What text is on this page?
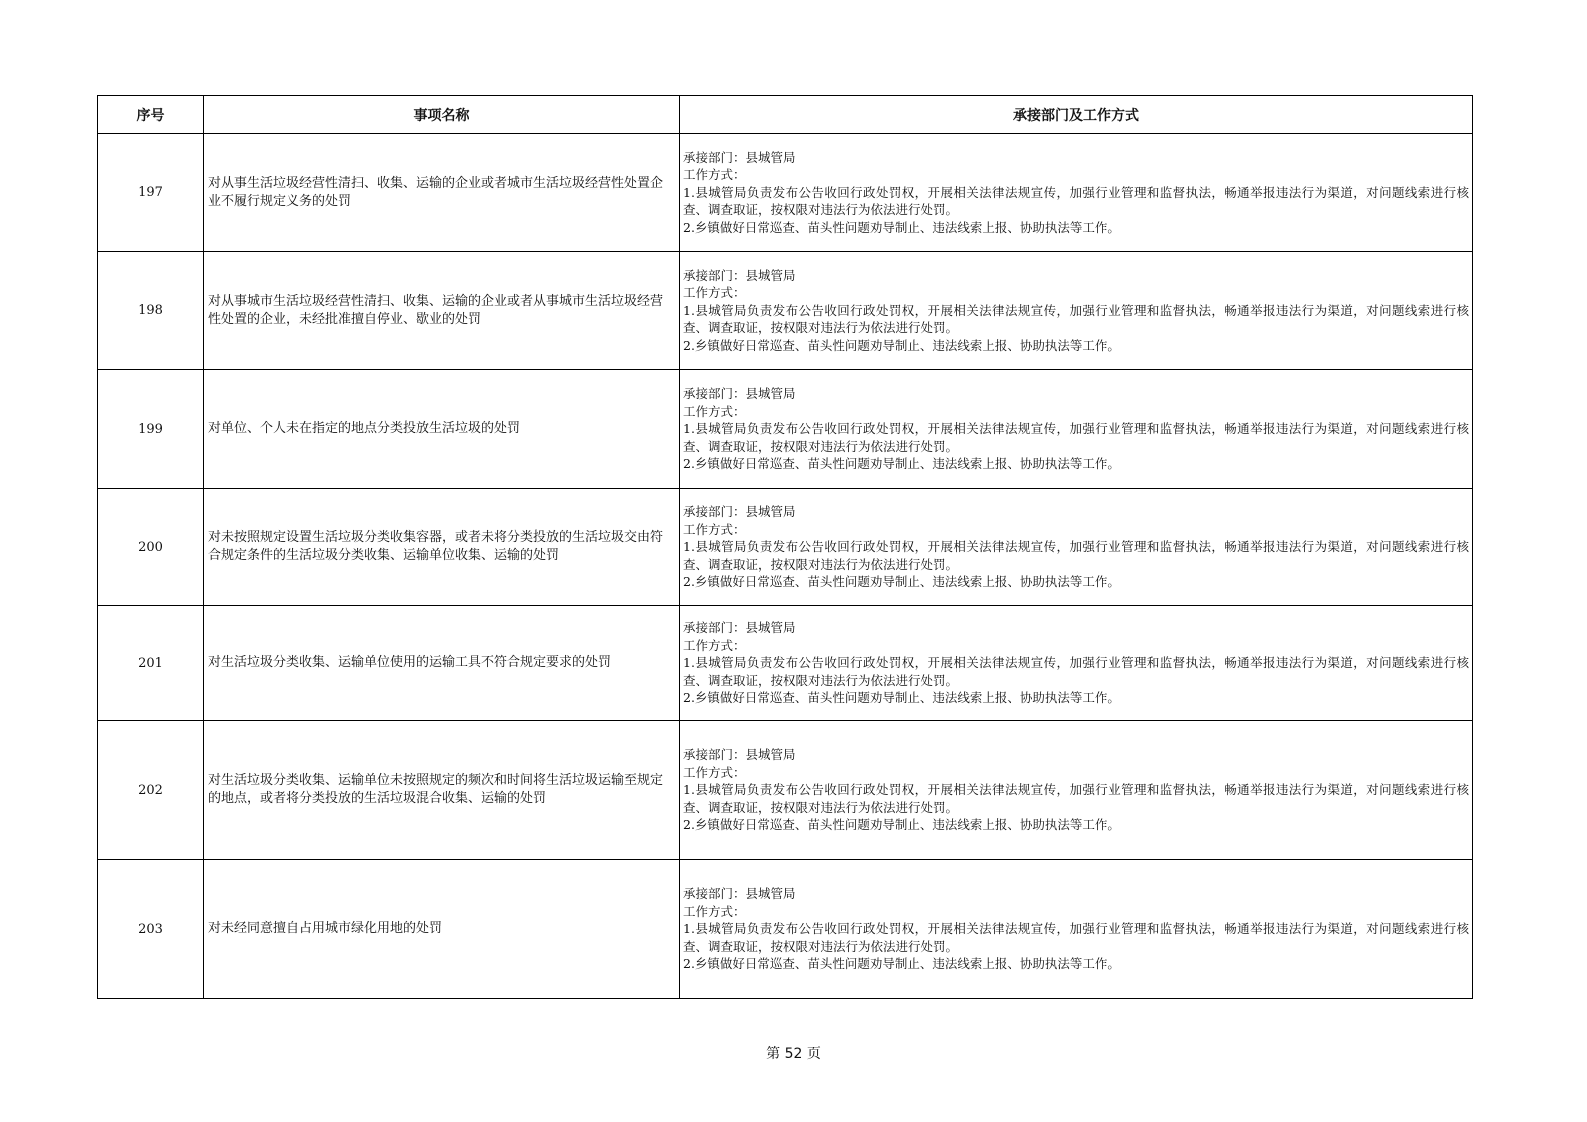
序号	事项名称	承接部门及工作方式
197	对从事生活垃圾经营性清扫、收集、运输的企业或者城市生活垃圾经营性处置企业不履行规定义务的处罚	承接部门：县城管局
工作方式：
1.县城管局负责发布公告收回行政处罚权，开展相关法律法规宣传，加强行业管理和监督执法，畅通举报违法行为渠道，对问题线索进行核查、调查取证，按权限对违法行为依法进行处罚。
2.乡镇做好日常巡查、苗头性问题劝导制止、违法线索上报、协助执法等工作。

198	对从事城市生活垃圾经营性清扫、收集、运输的企业或者从事城市生活垃圾经营性处置的企业，未经批准擅自停业、歇业的处罚	承接部门：县城管局
工作方式：
1.县城管局负责发布公告收回行政处罚权，开展相关法律法规宣传，加强行业管理和监督执法，畅通举报违法行为渠道，对问题线索进行核查、调查取证，按权限对违法行为依法进行处罚。
2.乡镇做好日常巡查、苗头性问题劝导制止、违法线索上报、协助执法等工作。

199	对单位、个人未在指定的地点分类投放生活垃圾的处罚	承接部门：县城管局
工作方式：
1.县城管局负责发布公告收回行政处罚权，开展相关法律法规宣传，加强行业管理和监督执法，畅通举报违法行为渠道，对问题线索进行核查、调查取证，按权限对违法行为依法进行处罚。
2.乡镇做好日常巡查、苗头性问题劝导制止、违法线索上报、协助执法等工作。

200	对未按照规定设置生活垃圾分类收集容器，或者未将分类投放的生活垃圾交由符合规定条件的生活垃圾分类收集、运输单位收集、运输的处罚	承接部门：县城管局
工作方式：
1.县城管局负责发布公告收回行政处罚权，开展相关法律法规宣传，加强行业管理和监督执法，畅通举报违法行为渠道，对问题线索进行核查、调查取证，按权限对违法行为依法进行处罚。
2.乡镇做好日常巡查、苗头性问题劝导制止、违法线索上报、协助执法等工作。

201	对生活垃圾分类收集、运输单位使用的运输工具不符合规定要求的处罚	承接部门：县城管局
工作方式：
1.县城管局负责发布公告收回行政处罚权，开展相关法律法规宣传，加强行业管理和监督执法，畅通举报违法行为渠道，对问题线索进行核查、调查取证，按权限对违法行为依法进行处罚。
2.乡镇做好日常巡查、苗头性问题劝导制止、违法线索上报、协助执法等工作。

202	对生活垃圾分类收集、运输单位未按照规定的频次和时间将生活垃圾运输至规定的地点，或者将分类投放的生活垃圾混合收集、运输的处罚	承接部门：县城管局
工作方式：
1.县城管局负责发布公告收回行政处罚权，开展相关法律法规宣传，加强行业管理和监督执法，畅通举报违法行为渠道，对问题线索进行核查、调查取证，按权限对违法行为依法进行处罚。
2.乡镇做好日常巡查、苗头性问题劝导制止、违法线索上报、协助执法等工作。

203	对未经同意擅自占用城市绿化用地的处罚	承接部门：县城管局
工作方式：
1.县城管局负责发布公告收回行政处罚权，开展相关法律法规宣传，加强行业管理和监督执法，畅通举报违法行为渠道，对问题线索进行核查、调查取证，按权限对违法行为依法进行处罚。
2.乡镇做好日常巡查、苗头性问题劝导制止、违法线索上报、协助执法等工作。
第 52 页
